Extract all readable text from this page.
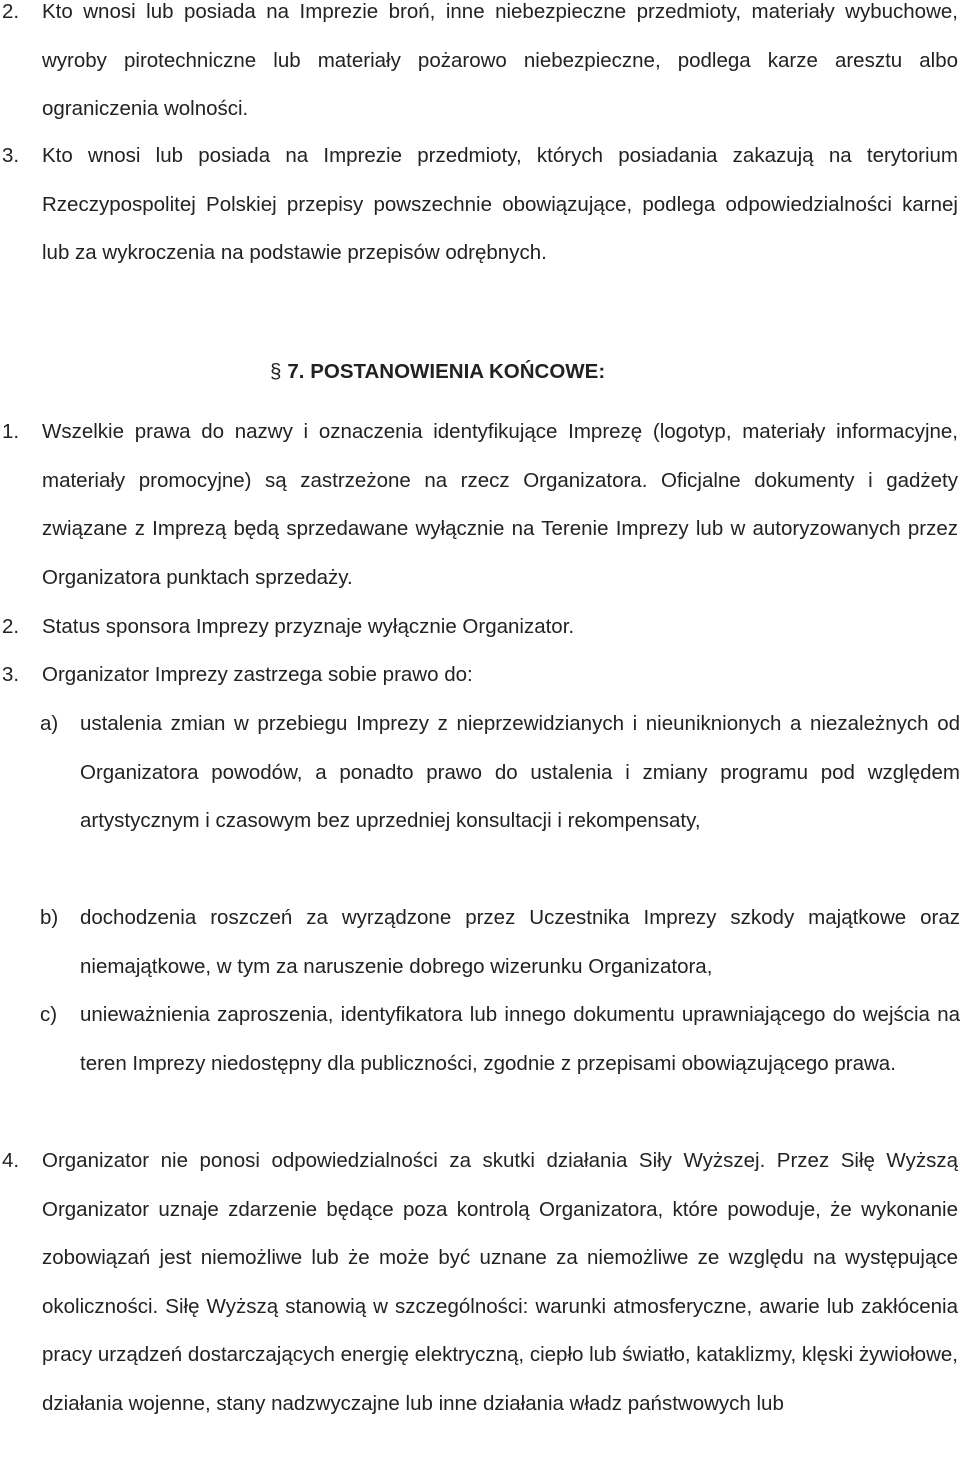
2. Kto wnosi lub posiada na Imprezie broń, inne niebezpieczne przedmioty, materiały wybuchowe, wyroby pirotechniczne lub materiały pożarowo niebezpieczne, podlega karze aresztu albo ograniczenia wolności.
3. Kto wnosi lub posiada na Imprezie przedmioty, których posiadania zakazują na terytorium Rzeczypospolitej Polskiej przepisy powszechnie obowiązujące, podlega odpowiedzialności karnej lub za wykroczenia na podstawie przepisów odrębnych.
§ 7. POSTANOWIENIA KOŃCOWE:
1. Wszelkie prawa do nazwy i oznaczenia identyfikujące Imprezę (logotyp, materiały informacyjne, materiały promocyjne) są zastrzeżone na rzecz Organizatora. Oficjalne dokumenty i gadżety związane z Imprezą będą sprzedawane wyłącznie na Terenie Imprezy lub w autoryzowanych przez Organizatora punktach sprzedaży.
2. Status sponsora Imprezy przyznaje wyłącznie Organizator.
3. Organizator Imprezy zastrzega sobie prawo do:
a) ustalenia zmian w przebiegu Imprezy z nieprzewidzianych i nieuniknionych a niezależnych od Organizatora powodów, a ponadto prawo do ustalenia i zmiany programu pod względem artystycznym i czasowym bez uprzedniej konsultacji i rekompensaty,
b) dochodzenia roszczeń za wyrządzone przez Uczestnika Imprezy szkody majątkowe oraz niemajątkowe, w tym za naruszenie dobrego wizerunku Organizatora,
c) unieważnienia zaproszenia, identyfikatora lub innego dokumentu uprawniającego do wejścia na teren Imprezy niedostępny dla publiczności, zgodnie z przepisami obowiązującego prawa.
4. Organizator nie ponosi odpowiedzialności za skutki działania Siły Wyższej. Przez Siłę Wyższą Organizator uznaje zdarzenie będące poza kontrolą Organizatora, które powoduje, że wykonanie zobowiązań jest niemożliwe lub że może być uznane za niemożliwe ze względu na występujące okoliczności. Siłę Wyższą stanowią w szczególności: warunki atmosferyczne, awarie lub zakłócenia pracy urządzeń dostarczających energię elektryczną, ciepło lub światło, kataklizmy, klęski żywiołowe, działania wojenne, stany nadzwyczajne lub inne działania władz państwowych lub
